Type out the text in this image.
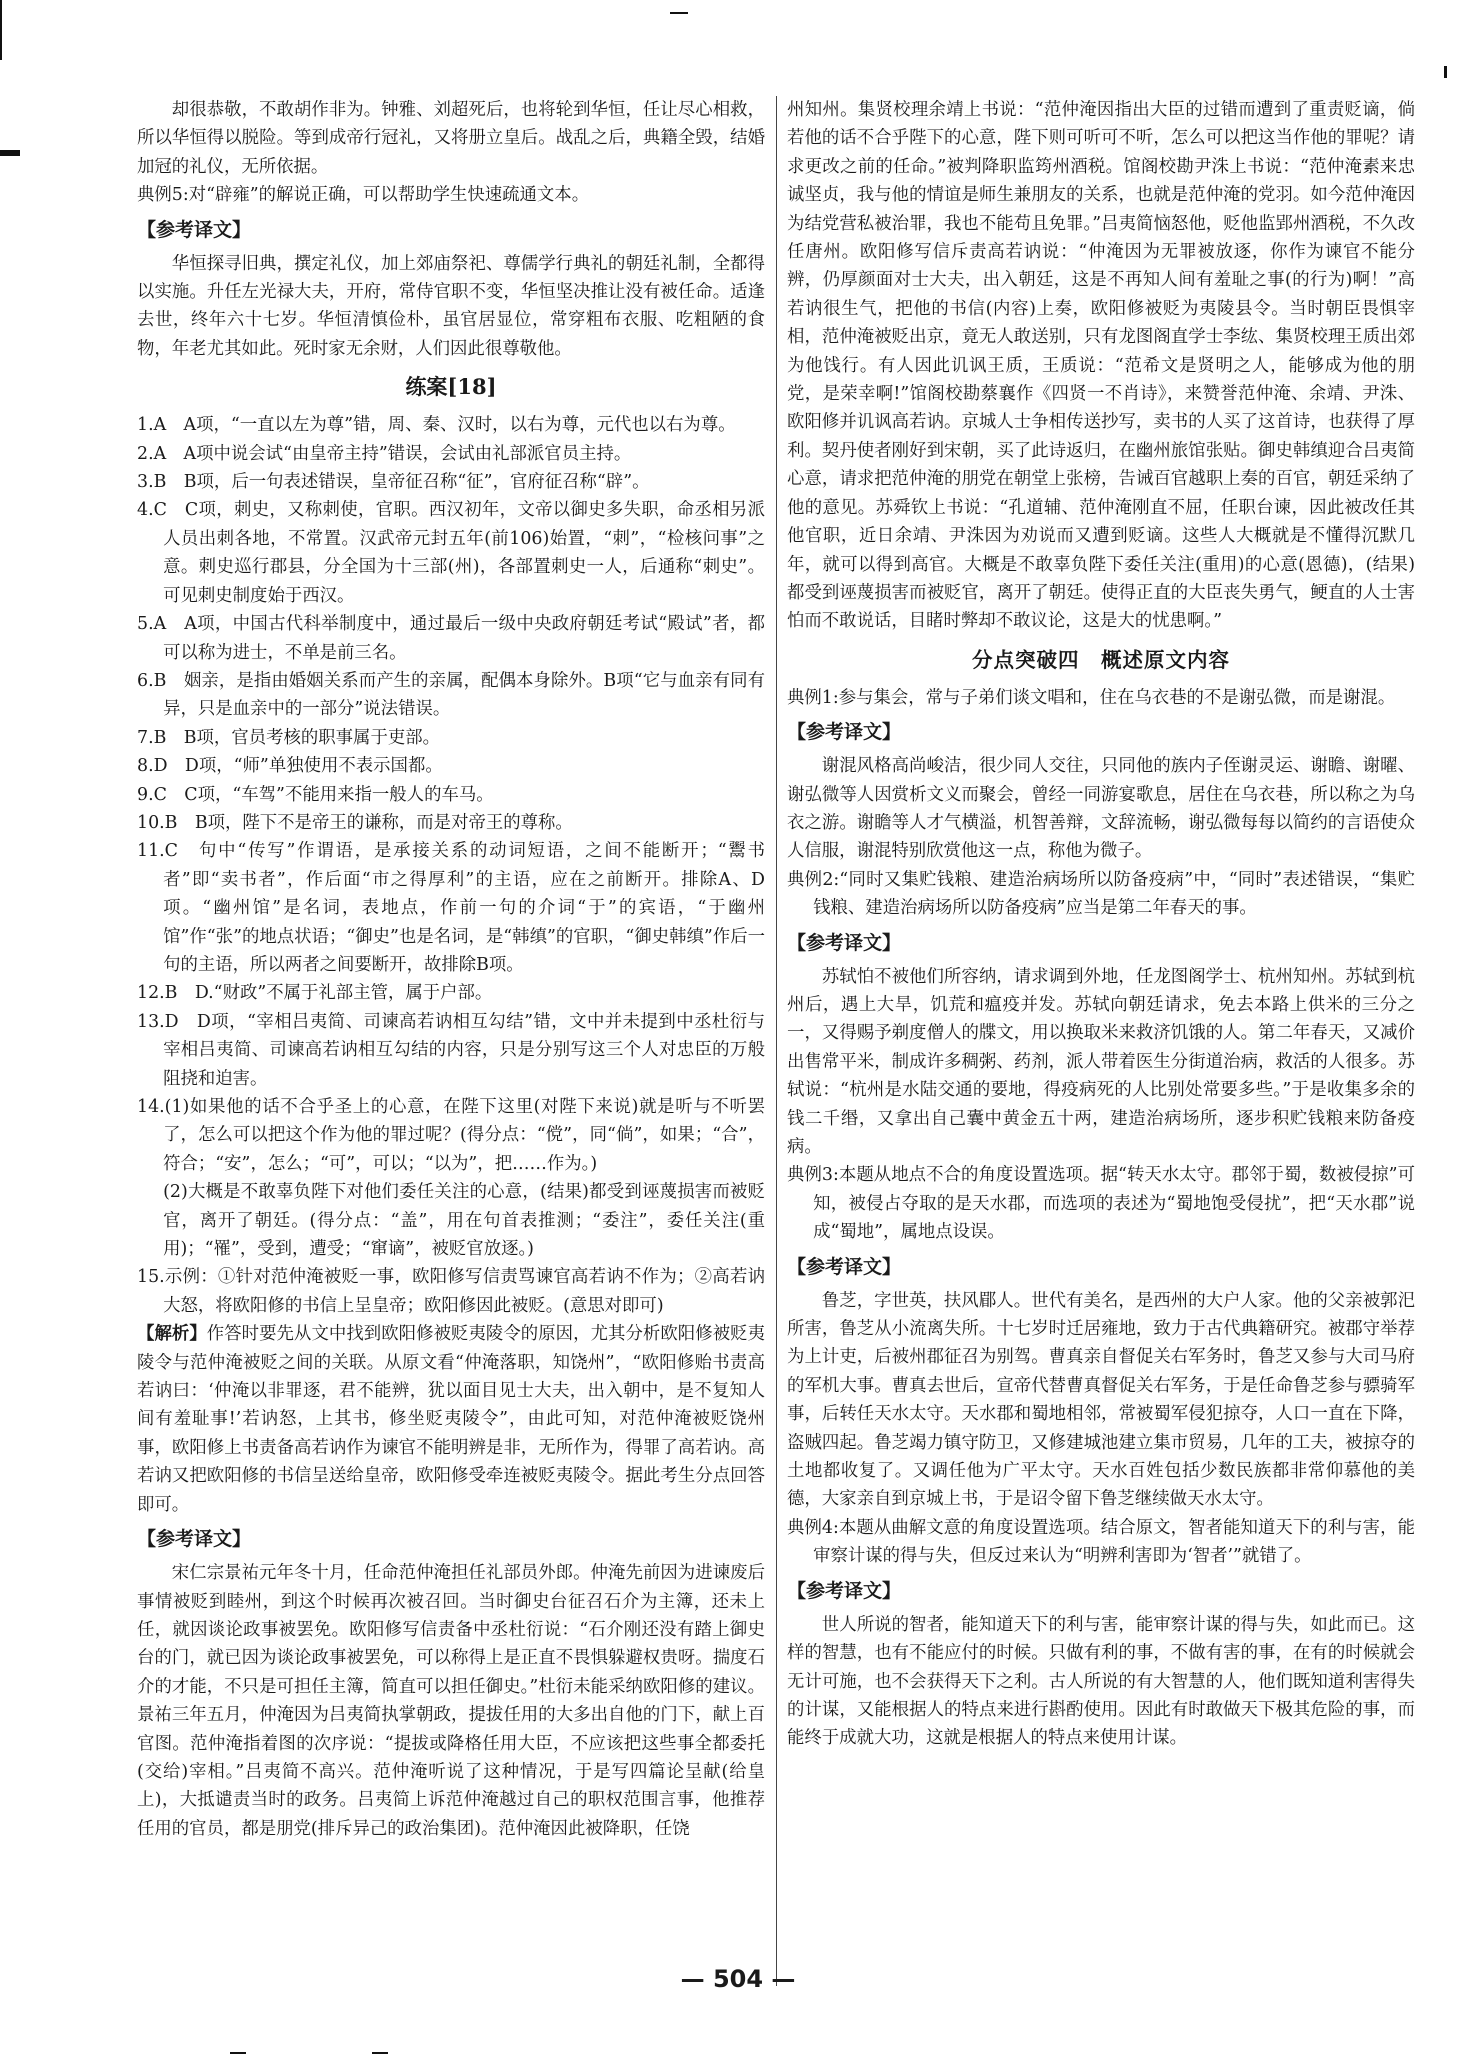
却很恭敬，不敢胡作非为。钟雅、刘超死后，也将轮到华恒，任让尽心相救，所以华恒得以脱险。等到成帝行冠礼，又将册立皇后。战乱之后，典籍全毁，结婚加冠的礼仪，无所依据。

典例5:对“辟雍”的解说正确，可以帮助学生快速疏通文本。

【参考译文】

华恒探寻旧典，撰定礼仪，加上郊庙祭祀、尊儒学行典礼的朝廷礼制，全都得以实施。升任左光禄大夫，开府，常侍官职不变，华恒坚决推让没有被任命。适逢去世，终年六十七岁。华恒清慎俭朴，虽官居显位，常穿粗布衣服、吃粗陋的食物，年老尤其如此。死时家无余财，人们因此很尊敬他。

练案[18]

1.A　A项，“一直以左为尊”错，周、秦、汉时，以右为尊，元代也以右为尊。

2.A　A项中说会试“由皇帝主持”错误，会试由礼部派官员主持。

3.B　B项，后一句表述错误，皇帝征召称“征”，官府征召称“辟”。

4.C　C项，刺史，又称刺使，官职。西汉初年，文帝以御史多失职，命丞相另派人员出刺各地，不常置。汉武帝元封五年(前106)始置，“刺”，“检核问事”之意。刺史巡行郡县，分全国为十三部(州)，各部置刺史一人，后通称“刺史”。可见刺史制度始于西汉。

5.A　A项，中国古代科举制度中，通过最后一级中央政府朝廷考试“殿试”者，都可以称为进士，不单是前三名。

6.B　姻亲，是指由婚姻关系而产生的亲属，配偶本身除外。B项“它与血亲有同有异，只是血亲中的一部分”说法错误。

7.B　B项，官员考核的职事属于吏部。

8.D　D项，“师”单独使用不表示国都。

9.C　C项，“车驾”不能用来指一般人的车马。

10.B　B项，陛下不是帝王的谦称，而是对帝王的尊称。

11.C　句中“传写”作谓语，是承接关系的动词短语，之间不能断开；“鬻书者”即“卖书者”，作后面“市之得厚利”的主语，应在之前断开。排除A、D项。“幽州馆”是名词，表地点，作前一句的介词“于”的宾语，“于幽州馆”作“张”的地点状语；“御史”也是名词，是“韩缜”的官职，“御史韩缜”作后一句的主语，所以两者之间要断开，故排除B项。

12.B　D.“财政”不属于礼部主管，属于户部。

13.D　D项，“宰相吕夷简、司谏高若讷相互勾结”错，文中并未提到中丞杜衍与宰相吕夷简、司谏高若讷相互勾结的内容，只是分别写这三个人对忠臣的万般阻挠和迫害。

14.(1)如果他的话不合乎圣上的心意，在陛下这里(对陛下来说)就是听与不听罢了，怎么可以把这个作为他的罪过呢？(得分点：“傥”，同“倘”，如果；“合”，符合；“安”，怎么；“可”，可以；“以为”，把……作为。)

(2)大概是不敢辜负陛下对他们委任关注的心意，(结果)都受到诬蔑损害而被贬官，离开了朝廷。(得分点：“盖”，用在句首表推测；“委注”，委任关注(重用)；“罹”，受到，遭受；“窜谪”，被贬官放逐。)

15.示例：①针对范仲淹被贬一事，欧阳修写信责骂谏官高若讷不作为；②高若讷大怒，将欧阳修的书信上呈皇帝；欧阳修因此被贬。(意思对即可)

【解析】作答时要先从文中找到欧阳修被贬夷陵令的原因，尤其分析欧阳修被贬夷陵令与范仲淹被贬之间的关联。从原文看“仲淹落职，知饶州”，“欧阳修贻书责高若讷曰：‘仲淹以非罪逐，君不能辨，犹以面目见士大夫，出入朝中，是不复知人间有羞耻事!’若讷怒，上其书，修坐贬夷陵令”，由此可知，对范仲淹被贬饶州事，欧阳修上书责备高若讷作为谏官不能明辨是非，无所作为，得罪了高若讷。高若讷又把欧阳修的书信呈送给皇帝，欧阳修受牵连被贬夷陵令。据此考生分点回答即可。

【参考译文】

宋仁宗景祐元年冬十月，任命范仲淹担任礼部员外郎。仲淹先前因为进谏废后事情被贬到睦州，到这个时候再次被召回。当时御史台征召石介为主簿，还未上任，就因谈论政事被罢免。欧阳修写信责备中丞杜衍说：“石介刚还没有踏上御史台的门，就已因为谈论政事被罢免，可以称得上是正直不畏惧躲避权贵呀。揣度石介的才能，不只是可担任主簿，简直可以担任御史。”杜衍未能采纳欧阳修的建议。景祐三年五月，仲淹因为吕夷简执掌朝政，提拔任用的大多出自他的门下，献上百官图。范仲淹指着图的次序说：“提拔或降格任用大臣，不应该把这些事全都委托(交给)宰相。”吕夷简不高兴。范仲淹听说了这种情况，于是写四篇论呈献(给皇上)，大抵谴责当时的政务。吕夷简上诉范仲淹越过自己的职权范围言事，他推荐任用的官员，都是朋党(排斥异己的政治集团)。范仲淹因此被降职，任饶

州知州。集贤校理余靖上书说：“范仲淹因指出大臣的过错而遭到了重责贬谪，倘若他的话不合乎陛下的心意，陛下则可听可不听，怎么可以把这当作他的罪呢？请求更改之前的任命。”被判降职监筠州酒税。馆阁校勘尹洙上书说：“范仲淹素来忠诚坚贞，我与他的情谊是师生兼朋友的关系，也就是范仲淹的党羽。如今范仲淹因为结党营私被治罪，我也不能苟且免罪。”吕夷简恼怒他，贬他监郢州酒税，不久改任唐州。欧阳修写信斥责高若讷说：“仲淹因为无罪被放逐，你作为谏官不能分辨，仍厚颜面对士大夫，出入朝廷，这是不再知人间有羞耻之事(的行为)啊！”高若讷很生气，把他的书信(内容)上奏，欧阳修被贬为夷陵县令。当时朝臣畏惧宰相，范仲淹被贬出京，竟无人敢送别，只有龙图阁直学士李纮、集贤校理王质出郊为他饯行。有人因此讥讽王质，王质说：“范希文是贤明之人，能够成为他的朋党，是荣幸啊!”馆阁校勘蔡襄作《四贤一不肖诗》，来赞誉范仲淹、余靖、尹洙、欧阳修并讥讽高若讷。京城人士争相传送抄写，卖书的人买了这首诗，也获得了厚利。契丹使者刚好到宋朝，买了此诗返归，在幽州旅馆张贴。御史韩缜迎合吕夷简心意，请求把范仲淹的朋党在朝堂上张榜，告诫百官越职上奏的百官，朝廷采纳了他的意见。苏舜钦上书说：“孔道辅、范仲淹刚直不屈，任职台谏，因此被改任其他官职，近日余靖、尹洙因为劝说而又遭到贬谪。这些人大概就是不懂得沉默几年，就可以得到高官。大概是不敢辜负陛下委任关注(重用)的心意(恩德)，(结果)都受到诬蔑损害而被贬官，离开了朝廷。使得正直的大臣丧失勇气，鲠直的人士害怕而不敢说话，目睹时弊却不敢议论，这是大的忧患啊。”

分点突破四　概述原文内容

典例1:参与集会，常与子弟们谈文唱和，住在乌衣巷的不是谢弘微，而是谢混。

【参考译文】

谢混风格高尚峻洁，很少同人交往，只同他的族内子侄谢灵运、谢瞻、谢曜、谢弘微等人因赏析文义而聚会，曾经一同游宴歌息，居住在乌衣巷，所以称之为乌衣之游。谢瞻等人才气横溢，机智善辩，文辞流畅，谢弘微每每以简约的言语使众人信服，谢混特别欣赏他这一点，称他为微子。

典例2:“同时又集贮钱粮、建造治病场所以防备疫病”中，“同时”表述错误，“集贮钱粮、建造治病场所以防备疫病”应当是第二年春天的事。

【参考译文】

苏轼怕不被他们所容纳，请求调到外地，任龙图阁学士、杭州知州。苏轼到杭州后，遇上大旱，饥荒和瘟疫并发。苏轼向朝廷请求，免去本路上供米的三分之一，又得赐予剃度僧人的牒文，用以换取米来救济饥饿的人。第二年春天，又减价出售常平米，制成许多稠粥、药剂，派人带着医生分街道治病，救活的人很多。苏轼说：“杭州是水陆交通的要地，得疫病死的人比别处常要多些。”于是收集多余的钱二千缗，又拿出自己囊中黄金五十两，建造治病场所，逐步积贮钱粮来防备疫病。

典例3:本题从地点不合的角度设置选项。据“转天水太守。郡邻于蜀，数被侵掠”可知，被侵占夺取的是天水郡，而选项的表述为“蜀地饱受侵扰”，把“天水郡”说成“蜀地”，属地点设误。

【参考译文】

鲁芝，字世英，扶风郿人。世代有美名，是西州的大户人家。他的父亲被郭汜所害，鲁芝从小流离失所。十七岁时迁居雍地，致力于古代典籍研究。被郡守举荐为上计吏，后被州郡征召为别驾。曹真亲自督促关右军务时，鲁芝又参与大司马府的军机大事。曹真去世后，宣帝代替曹真督促关右军务，于是任命鲁芝参与骠骑军事，后转任天水太守。天水郡和蜀地相邻，常被蜀军侵犯掠夺，人口一直在下降，盗贼四起。鲁芝竭力镇守防卫，又修建城池建立集市贸易，几年的工夫，被掠夺的土地都收复了。又调任他为广平太守。天水百姓包括少数民族都非常仰慕他的美德，大家亲自到京城上书，于是诏令留下鲁芝继续做天水太守。

典例4:本题从曲解文意的角度设置选项。结合原文，智者能知道天下的利与害，能审察计谋的得与失，但反过来认为“明辨利害即为‘智者’”就错了。

【参考译文】

世人所说的智者，能知道天下的利与害，能审察计谋的得与失，如此而已。这样的智慧，也有不能应付的时候。只做有利的事，不做有害的事，在有的时候就会无计可施，也不会获得天下之利。古人所说的有大智慧的人，他们既知道利害得失的计谋，又能根据人的特点来进行斟酌使用。因此有时敢做天下极其危险的事，而能终于成就大功，这就是根据人的特点来使用计谋。

— 504 —
